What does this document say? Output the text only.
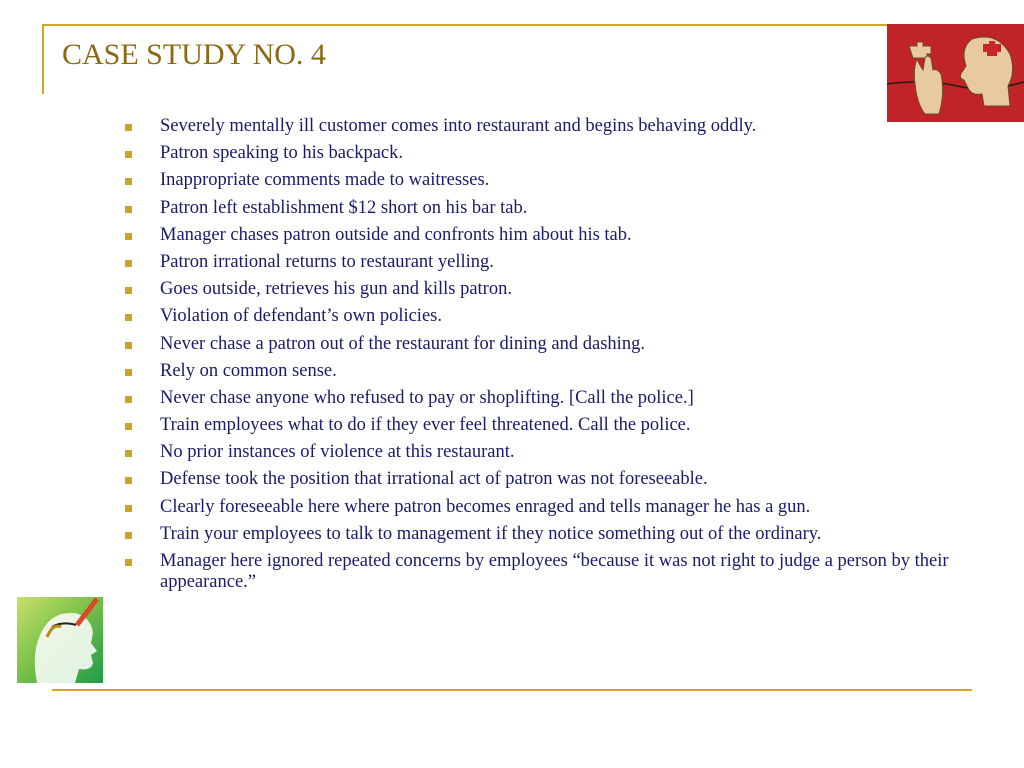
CASE STUDY NO. 4
Severely mentally ill customer comes into restaurant and begins behaving oddly.
Patron speaking to his backpack.
Inappropriate comments made to waitresses.
Patron left establishment $12 short on his bar tab.
Manager chases patron outside and confronts him about his tab.
Patron irrational returns to restaurant yelling.
Goes outside, retrieves his gun and kills patron.
Violation of defendant’s own policies.
Never chase a patron out of the restaurant for dining and dashing.
Rely on common sense.
Never chase anyone who refused to pay or shoplifting. [Call the police.]
Train employees what to do if they ever feel threatened. Call the police.
No prior instances of violence at this restaurant.
Defense took the position that irrational act of patron was not foreseeable.
Clearly foreseeable here where patron becomes enraged and tells manager he has a gun.
Train your employees to talk to management if they notice something out of the ordinary.
Manager here ignored repeated concerns by employees “because it was not right to judge a person by their appearance.”
